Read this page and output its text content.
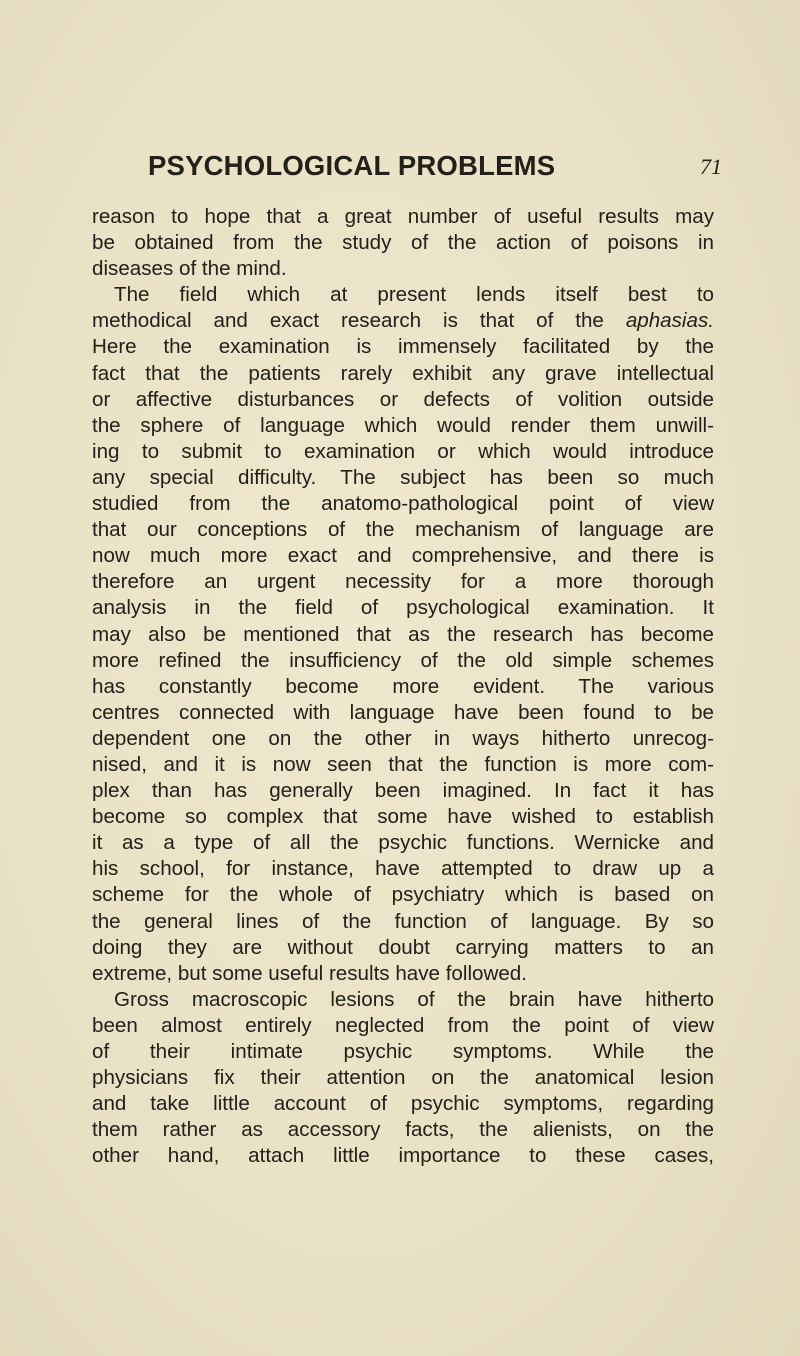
PSYCHOLOGICAL PROBLEMS	71
reason to hope that a great number of useful results may
be obtained from the study of the action of poisons in
diseases of the mind.
The field which at present lends itself best to
methodical and exact research is that of the aphasias.
Here the examination is immensely facilitated by the
fact that the patients rarely exhibit any grave intellectual
or affective disturbances or defects of volition outside
the sphere of language which would render them unwill-
ing to submit to examination or which would introduce
any special difficulty. The subject has been so much
studied from the anatomo-pathological point of view
that our conceptions of the mechanism of language are
now much more exact and comprehensive, and there is
therefore an urgent necessity for a more thorough
analysis in the field of psychological examination. It
may also be mentioned that as the research has become
more refined the insufficiency of the old simple schemes
has constantly become more evident. The various
centres connected with language have been found to be
dependent one on the other in ways hitherto unrecog-
nised, and it is now seen that the function is more com-
plex than has generally been imagined. In fact it has
become so complex that some have wished to establish
it as a type of all the psychic functions. Wernicke and
his school, for instance, have attempted to draw up a
scheme for the whole of psychiatry which is based on
the general lines of the function of language. By so
doing they are without doubt carrying matters to an
extreme, but some useful results have followed.
Gross macroscopic lesions of the brain have hitherto
been almost entirely neglected from the point of view
of their intimate psychic symptoms. While the
physicians fix their attention on the anatomical lesion
and take little account of psychic symptoms, regarding
them rather as accessory facts, the alienists, on the
other hand, attach little importance to these cases,
